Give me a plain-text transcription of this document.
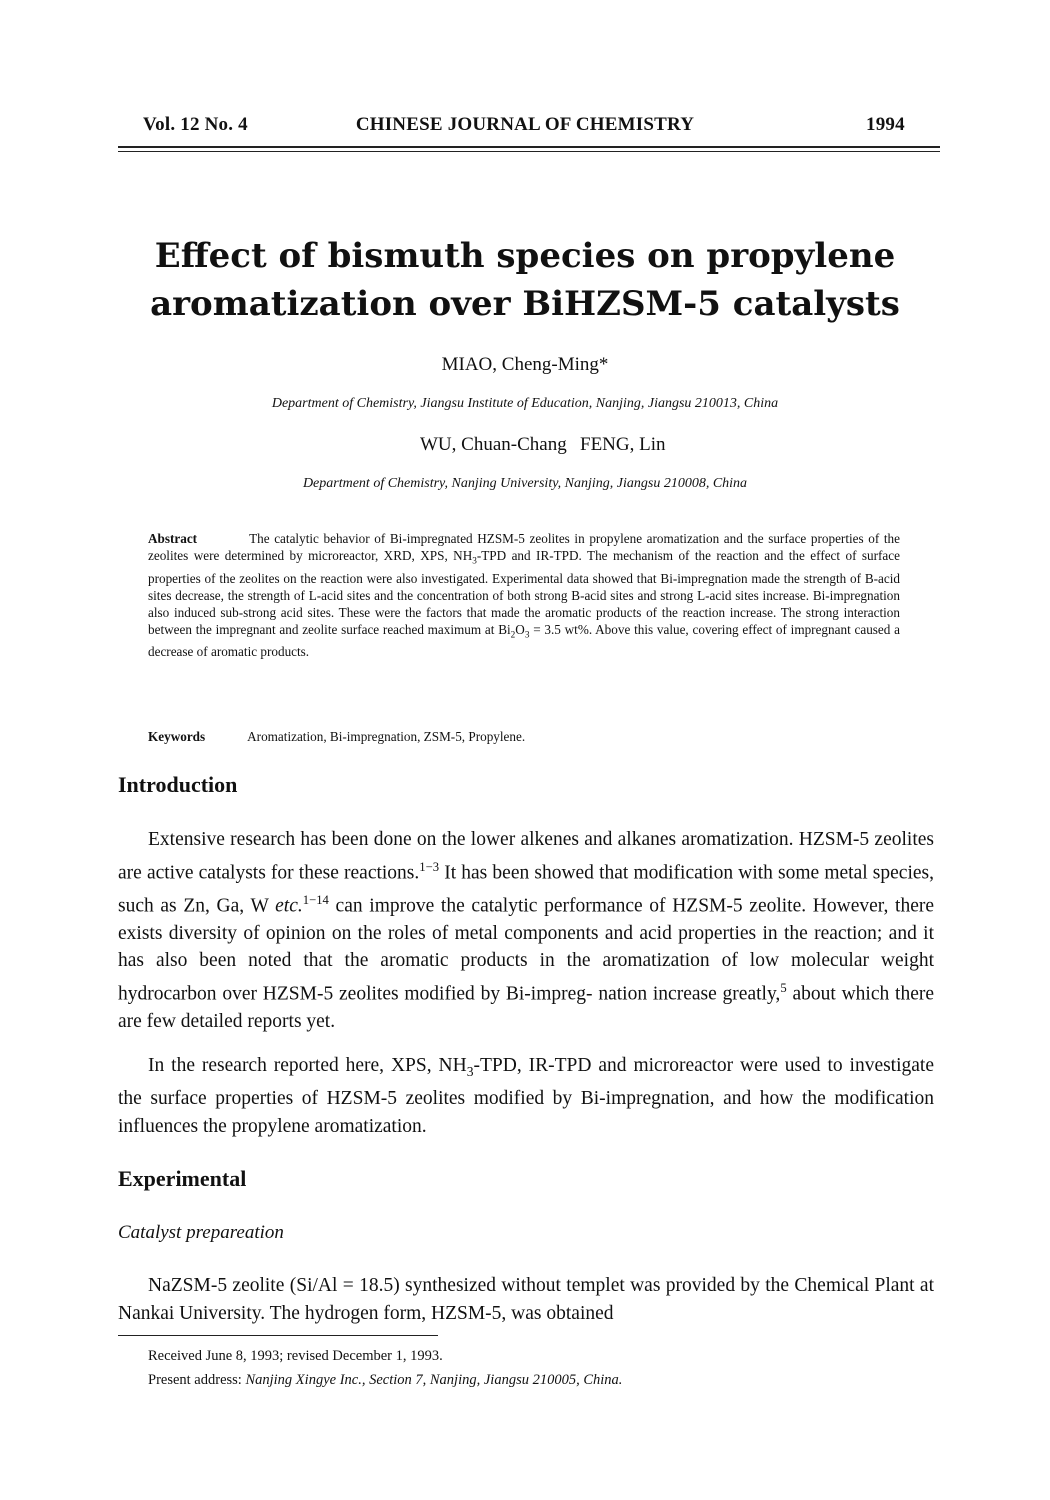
Vol. 12 No. 4	CHINESE JOURNAL OF CHEMISTRY	1994
Effect of bismuth species on propylene
aromatization over BiHZSM-5 catalysts
MIAO, Cheng-Ming*
Department of Chemistry, Jiangsu Institute of Education, Nanjing, Jiangsu 210013, China
WU, Chuan-Chang FENG, Lin
Department of Chemistry, Nanjing University, Nanjing, Jiangsu 210008, China
Abstract	The catalytic behavior of Bi-impregnated HZSM-5 zeolites in propylene aromatization and the surface properties of the zeolites were determined by microreactor, XRD, XPS, $NH_3$-TPD and IR-TPD. The mechanism of the reaction and the effect of surface properties of the zeolites on the reaction were also investigated. Experimental data showed that Bi-impregnation made the strength of B-acid sites decrease, the strength of L-acid sites and the concentration of both strong B-acid sites and strong L-acid sites increase. Bi-impregnation also induced sub-strong acid sites. These were the factors that made the aromatic products of the reaction increase. The strong interaction between the impregnant and zeolite surface reached maximum at $Bi_2O_3 = 3.5$ wt%. Above this value, covering effect of impregnant caused a decrease of aromatic products.
Keywords	Aromatization, Bi-impregnation, ZSM-5, Propylene.
Introduction
Extensive research has been done on the lower alkenes and alkanes aromatization. HZSM-5 zeolites are active catalysts for these reactions.$^{1-3}$ It has been showed that modification with some metal species, such as Zn, Ga, W etc.$^{1-14}$ can improve the catalytic performance of HZSM-5 zeolite. However, there exists diversity of opinion on the roles of metal components and acid properties in the reaction; and it has also been noted that the aromatic products in the aromatization of low molecular weight hydrocarbon over HZSM-5 zeolites modified by Bi-impreg- nation increase greatly,$^5$ about which there are few detailed reports yet.
In the research reported here, XPS, $NH_3$-TPD, IR-TPD and microreactor were used to investigate the surface properties of HZSM-5 zeolites modified by Bi-impregnation, and how the modification influences the propylene aromatization.
Experimental
Catalyst prepareation
NaZSM-5 zeolite (Si/Al = 18.5) synthesized without templet was provided by the Chemical Plant at Nankai University. The hydrogen form, HZSM-5, was obtained
Received June 8, 1993; revised December 1, 1993.
Present address: Nanjing Xingye Inc., Section 7, Nanjing, Jiangsu 210005, China.
